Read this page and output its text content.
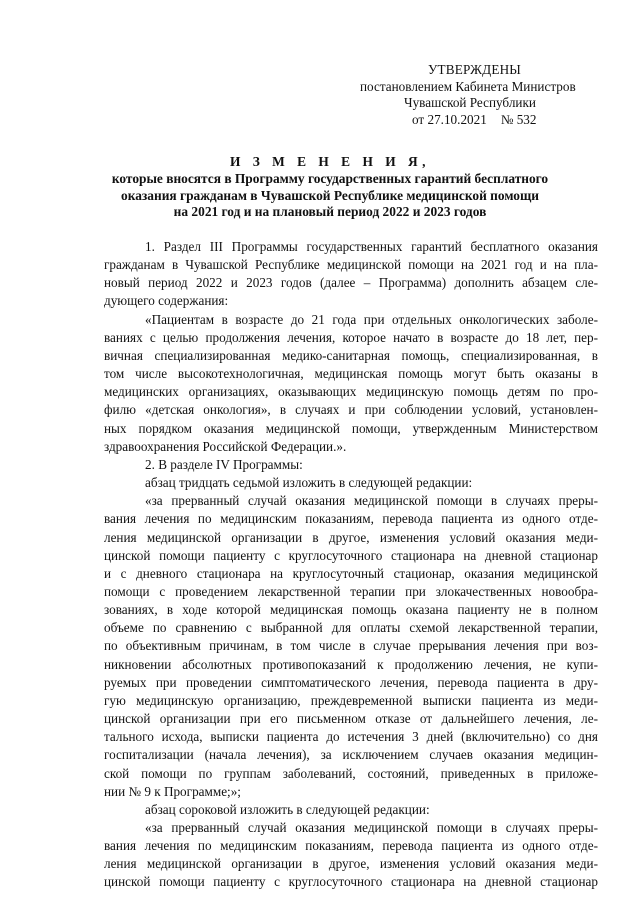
УТВЕРЖДЕНЫ
постановлением Кабинета Министров
Чувашской Республики
от 27.10.2021 № 532
И З М Е Н Е Н И Я,
которые вносятся в Программу государственных гарантий бесплатного
оказания гражданам в Чувашской Республике медицинской помощи
на 2021 год и на плановый период 2022 и 2023 годов
1. Раздел III Программы государственных гарантий бесплатного оказания
гражданам в Чувашской Республике медицинской помощи на 2021 год и на пла-
новый период 2022 и 2023 годов (далее – Программа) дополнить абзацем сле-
дующего содержания:
«Пациентам в возрасте до 21 года при отдельных онкологических заболе-
ваниях с целью продолжения лечения, которое начато в возрасте до 18 лет, пер-
вичная специализированная медико-санитарная помощь, специализированная, в
том числе высокотехнологичная, медицинская помощь могут быть оказаны в
медицинских организациях, оказывающих медицинскую помощь детям по про-
филю «детская онкология», в случаях и при соблюдении условий, установлен-
ных порядком оказания медицинской помощи, утвержденным Министерством
здравоохранения Российской Федерации.».
2. В разделе IV Программы:
абзац тридцать седьмой изложить в следующей редакции:
«за прерванный случай оказания медицинской помощи в случаях преры-
вания лечения по медицинским показаниям, перевода пациента из одного отде-
ления медицинской организации в другое, изменения условий оказания меди-
цинской помощи пациенту с круглосуточного стационара на дневной стационар
и с дневного стационара на круглосуточный стационар, оказания медицинской
помощи с проведением лекарственной терапии при злокачественных новообра-
зованиях, в ходе которой медицинская помощь оказана пациенту не в полном
объеме по сравнению с выбранной для оплаты схемой лекарственной терапии,
по объективным причинам, в том числе в случае прерывания лечения при воз-
никновении абсолютных противопоказаний к продолжению лечения, не купи-
руемых при проведении симптоматического лечения, перевода пациента в дру-
гую медицинскую организацию, преждевременной выписки пациента из меди-
цинской организации при его письменном отказе от дальнейшего лечения, ле-
тального исхода, выписки пациента до истечения 3 дней (включительно) со дня
госпитализации (начала лечения), за исключением случаев оказания медицин-
ской помощи по группам заболеваний, состояний, приведенных в приложе-
нии № 9 к Программе;»;
абзац сороковой изложить в следующей редакции:
«за прерванный случай оказания медицинской помощи в случаях преры-
вания лечения по медицинским показаниям, перевода пациента из одного отде-
ления медицинской организации в другое, изменения условий оказания меди-
цинской помощи пациенту с круглосуточного стационара на дневной стационар
